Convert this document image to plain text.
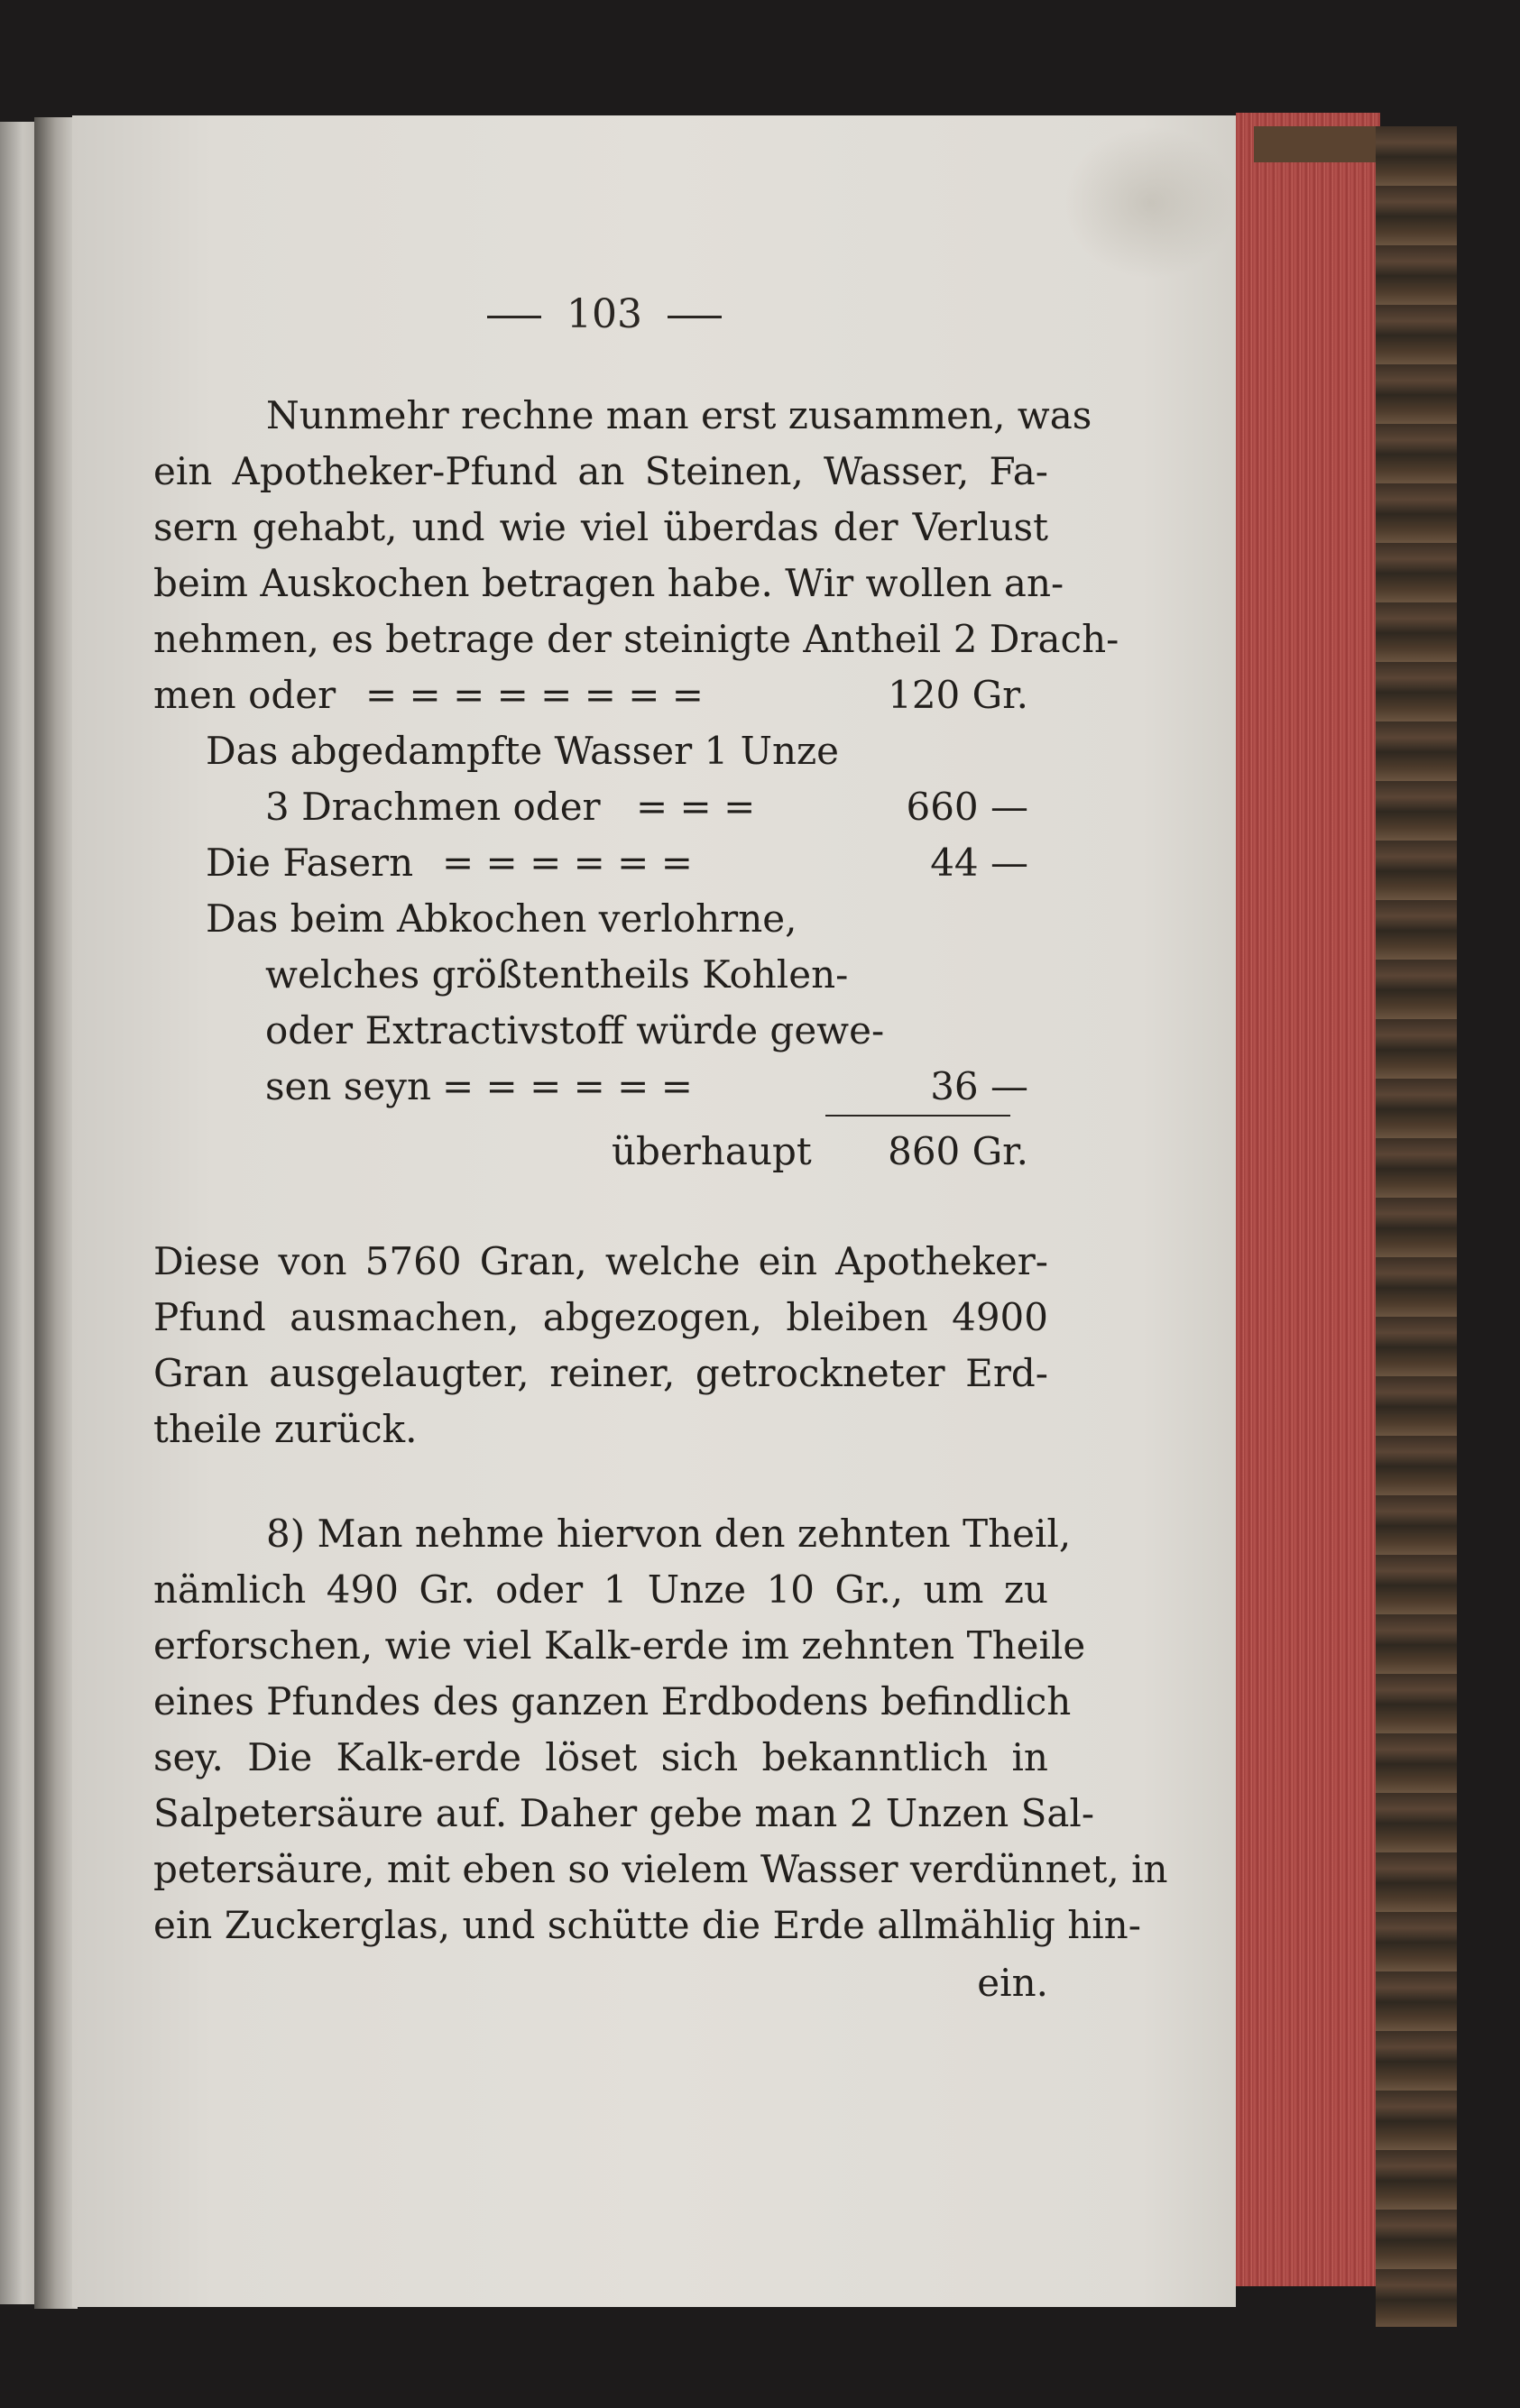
103
Nunmehr rechne man erst zusammen, was
ein Apotheker-Pfund an Steinen, Wasser, Fa-
sern gehabt, und wie viel überdas der Verlust
beim Auskochen betragen habe. Wir wollen an-
nehmen, es betrage der steinigte Antheil 2 Drach-
men oder = = = = = = = =	120 Gr.
Das abgedampfte Wasser 1 Unze
3 Drachmen oder = = =	660 —
Die Fasern = = = = = =	44 —
Das beim Abkochen verlohrne,
welches größtentheils Kohlen-
oder Extractivstoff würde gewe-
sen seyn = = = = = =	36 —
überhaupt	860 Gr.
Diese von 5760 Gran, welche ein Apotheker-
Pfund ausmachen, abgezogen, bleiben 4900
Gran ausgelaugter, reiner, getrockneter Erd-
theile zurück.
8) Man nehme hiervon den zehnten Theil,
nämlich 490 Gr. oder 1 Unze 10 Gr., um zu
erforschen, wie viel Kalk-erde im zehnten Theile
eines Pfundes des ganzen Erdbodens befindlich
sey. Die Kalk-erde löset sich bekanntlich in
Salpetersäure auf. Daher gebe man 2 Unzen Sal-
petersäure, mit eben so vielem Wasser verdünnet, in
ein Zuckerglas, und schütte die Erde allmählig hin-
ein.
